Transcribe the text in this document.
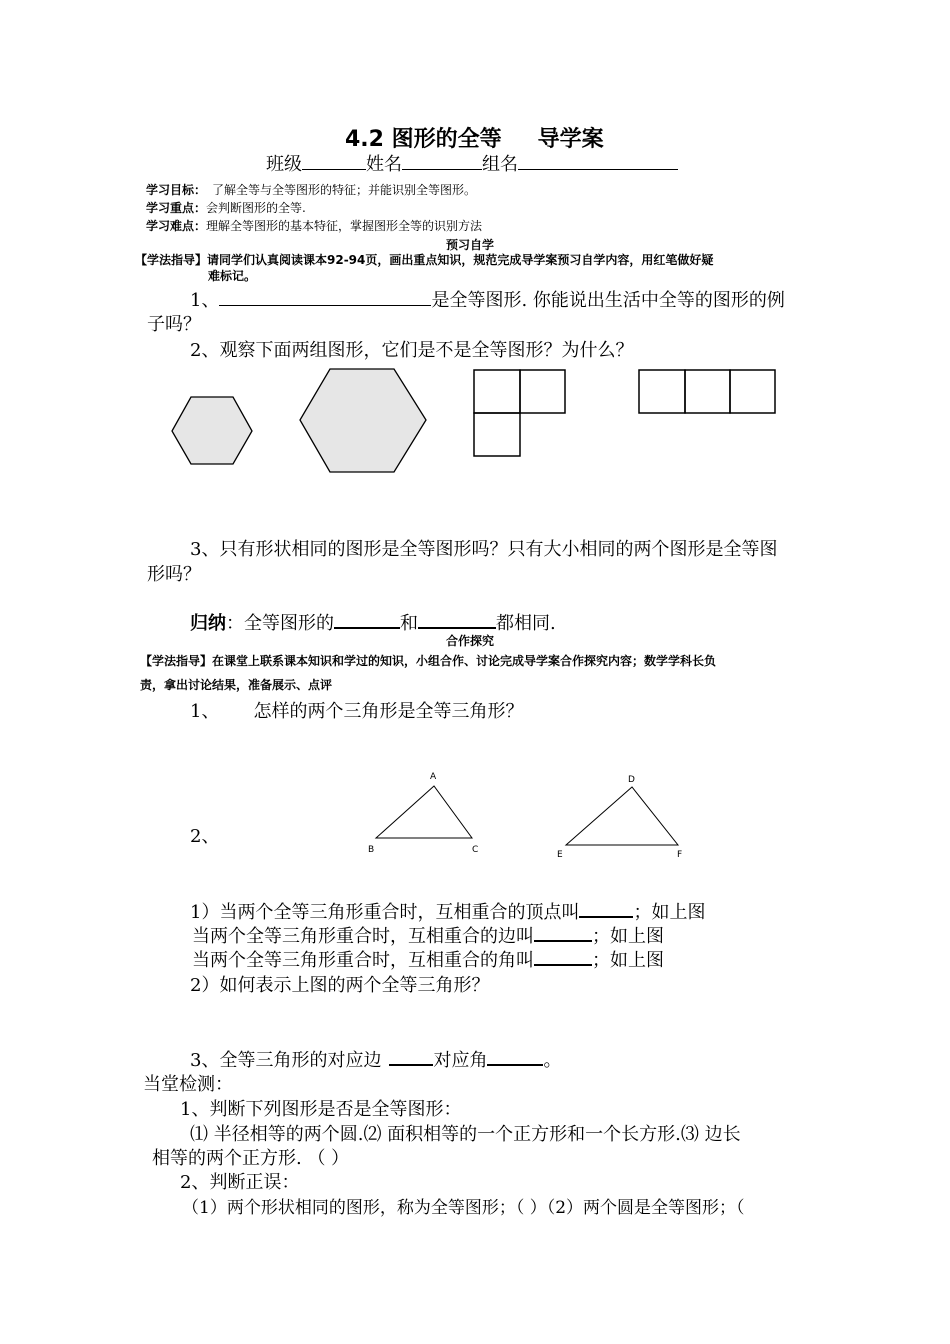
4.2 图形的全等 导学案
班级	姓名	组名
学习目标： 了解全等与全等图形的特征；并能识别全等图形。
学习重点：会判断图形的全等.
学习难点：理解全等图形的基本特征，掌握图形全等的识别方法
预习自学
【学法指导】请同学们认真阅读课本92-94页，画出重点知识，规范完成导学案预习自学内容，用红笔做好疑
难标记。
1、	是全等图形. 你能说出生活中全等的图形的例
子吗？
2、观察下面两组图形，它们是不是全等图形？为什么？
3、只有形状相同的图形是全等图形吗？只有大小相同的两个图形是全等图
形吗？
归纳：全等图形的	和	都相同.
合作探究
【学法指导】在课堂上联系课本知识和学过的知识，小组合作、讨论完成导学案合作探究内容；数学学科长负
责，拿出讨论结果，准备展示、点评
1、 怎样的两个三角形是全等三角形？
2、
A
B	C
D
E	F
1）当两个全等三角形重合时，互相重合的顶点叫	；如上图
当两个全等三角形重合时，互相重合的边叫	；如上图
当两个全等三角形重合时，互相重合的角叫	；如上图
2）如何表示上图的两个全等三角形？
3、全等三角形的对应边	对应角	。
当堂检测：
1、判断下列图形是否是全等图形：
⑴ 半径相等的两个圆.⑵ 面积相等的一个正方形和一个长方形.⑶ 边长
相等的两个正方形. （ ）
2、判断正误：
（1）两个形状相同的图形，称为全等图形；（ ）（2）两个圆是全等图形；（
